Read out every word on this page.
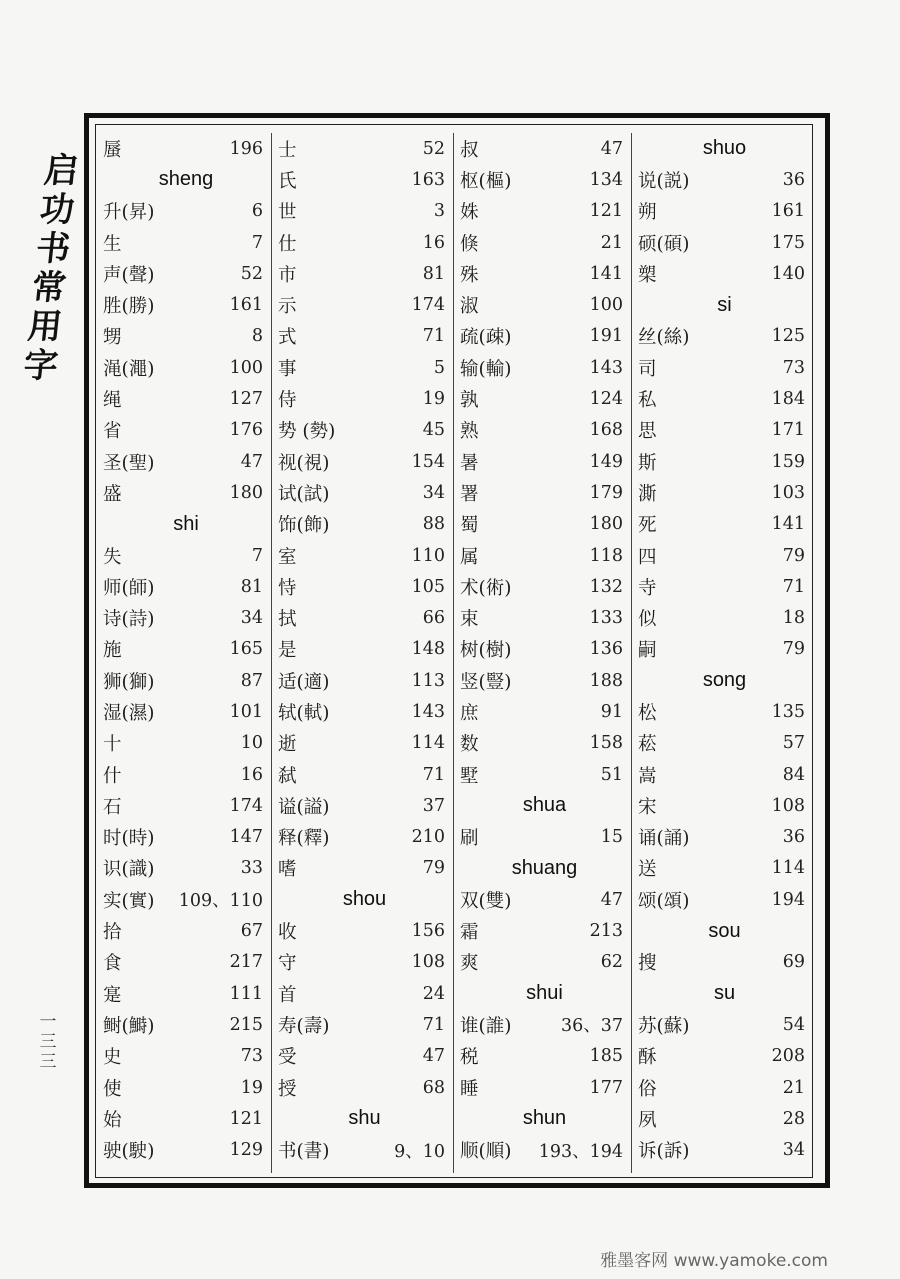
启
功
书
常
用
字
一
三
三
蜃	196
sheng
升(昇)	6
生	7
声(聲)	52
胜(勝)	161
甥	8
渑(澠)	100
绳	127
省	176
圣(聖)	47
盛	180
shi
失	7
师(師)	81
诗(詩)	34
施	165
狮(獅)	87
湿(濕)	101
十	10
什	16
石	174
时(時)	147
识(識)	33
实(實) 109、110
拾	67
食	217
寔	111
鲥(鰣)	215
史	73
使	19
始	121
驶(駛)	129
士	52
氏	163
世	3
仕	16
市	81
示	174
式	71
事	5
侍	19
势 (勢)	45
视(視)	154
试(試)	34
饰(飾)	88
室	110
恃	105
拭	66
是	148
适(適)	113
轼(軾)	143
逝	114
弑	71
谥(謚)	37
释(釋)	210
嗜	79
shou
收	156
守	108
首	24
寿(壽)	71
受	47
授	68
shu
书(書)	9、10
叔	47
枢(樞)	134
姝	121
倏	21
殊	141
淑	100
疏(疎)	191
输(輸)	143
孰	124
熟	168
暑	149
署	179
蜀	180
属	118
术(術)	132
束	133
树(樹)	136
竖(豎)	188
庶	91
数	158
墅	51
shua
刷	15
shuang
双(雙)	47
霜	213
爽	62
shui
谁(誰)	36、37
税	185
睡	177
shun
顺(順) 193、194
shuo
说(説)	36
朔	161
硕(碩)	175
槊	140
si
丝(絲)	125
司	73
私	184
思	171
斯	159
澌	103
死	141
四	79
寺	71
似	18
嗣	79
song
松	135
菘	57
嵩	84
宋	108
诵(誦)	36
送	114
颂(頌)	194
sou
搜	69
su
苏(蘇)	54
酥	208
俗	21
夙	28
诉(訴)	34
雅墨客网 www.yamoke.com
